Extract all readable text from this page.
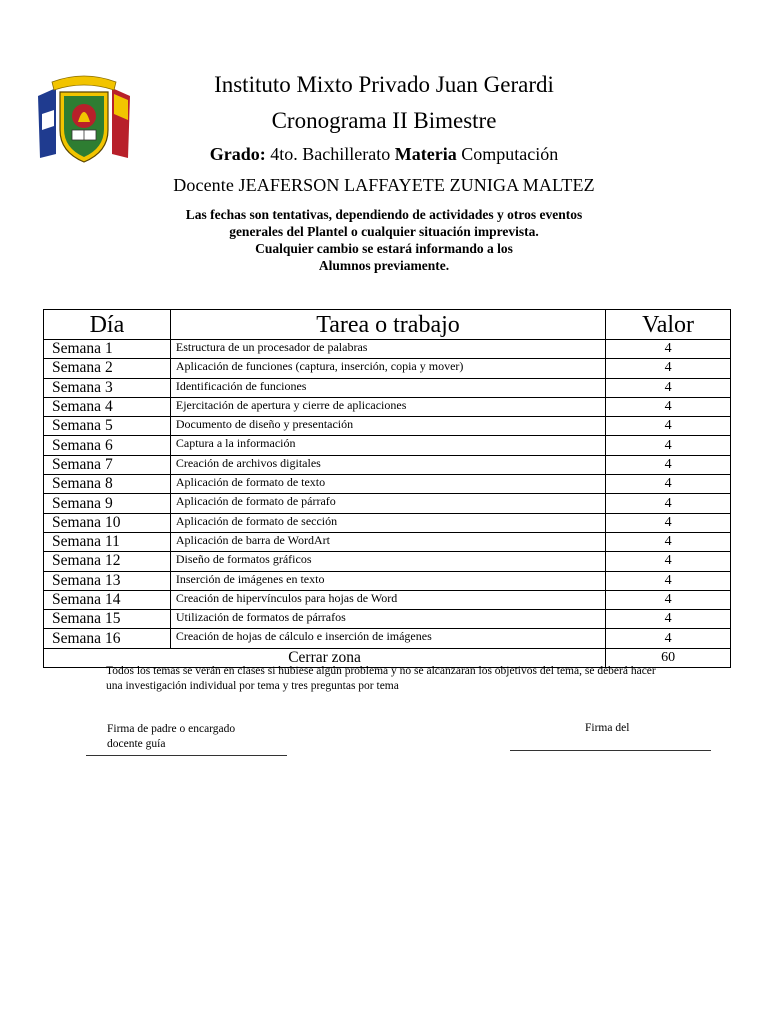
Instituto Mixto Privado Juan Gerardi
Cronograma II Bimestre
Grado: 4to. Bachillerato Materia Computación
Docente JEAFERSON LAFFAYETE ZUNIGA MALTEZ
Las fechas son tentativas, dependiendo de actividades y otros eventos
generales del Plantel o cualquier situación imprevista.
Cualquier cambio se estará informando a los
Alumnos previamente.
Día	Tarea o trabajo	Valor
Semana 1	Estructura de un procesador de palabras	4
Semana 2	Aplicación de funciones (captura, inserción, copia y mover)	4
Semana 3	Identificación de funciones	4
Semana 4	Ejercitación de apertura y cierre de aplicaciones	4
Semana 5	Documento de diseño y presentación	4
Semana 6	Captura a la información	4
Semana 7	Creación de archivos digitales	4
Semana 8	Aplicación de formato de texto	4
Semana 9	Aplicación de formato de párrafo	4
Semana 10	Aplicación de formato de sección	4
Semana 11	Aplicación de barra de WordArt	4
Semana 12	Diseño de formatos gráficos	4
Semana 13	Inserción de imágenes en texto	4
Semana 14	Creación de hipervínculos para hojas de Word	4
Semana 15	Utilización de formatos de párrafos	4
Semana 16	Creación de hojas de cálculo e inserción de imágenes	4
Cerrar zona		60
Todos los temas se verán en clases si hubiese algún problema y no se alcanzaran los objetivos del tema, se deberá hacer una investigación individual por tema y tres preguntas por tema
Firma de padre o encargado
docente guía
Firma del
